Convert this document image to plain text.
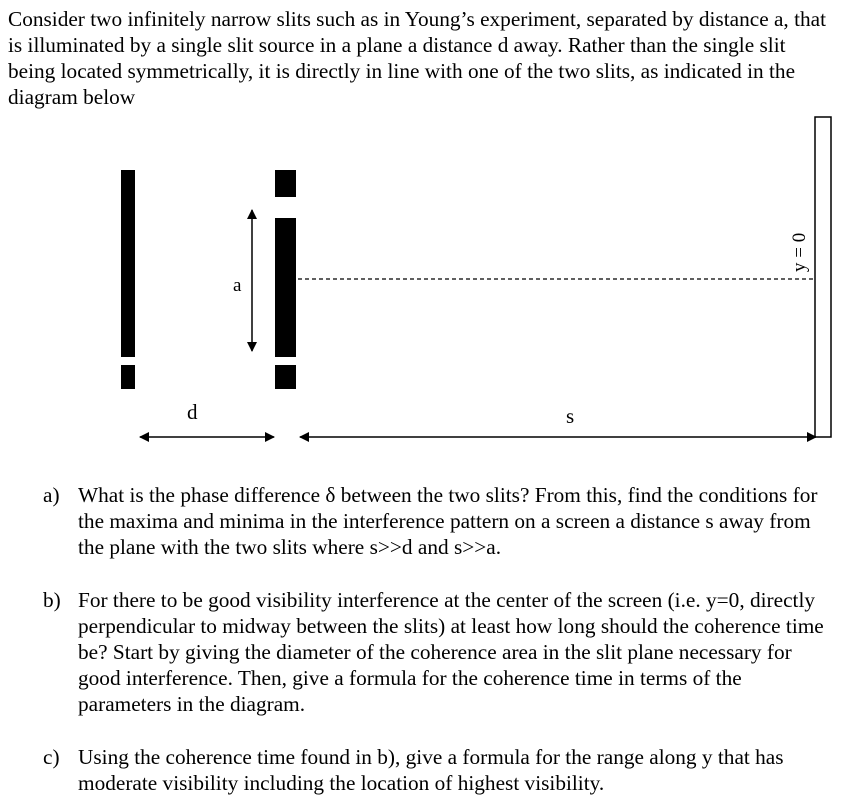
Consider two infinitely narrow slits such as in Young’s experiment, separated by distance a, that is illuminated by a single slit source in a plane a distance d away. Rather than the single slit being located symmetrically, it is directly in line with one of the two slits, as indicated in the diagram below
a
y = 0
d	s
a) What is the phase difference δ between the two slits? From this, find the conditions for the maxima and minima in the interference pattern on a screen a distance s away from the plane with the two slits where s>>d and s>>a.
b) For there to be good visibility interference at the center of the screen (i.e. y=0, directly perpendicular to midway between the slits) at least how long should the coherence time be? Start by giving the diameter of the coherence area in the slit plane necessary for good interference. Then, give a formula for the coherence time in terms of the parameters in the diagram.
c) Using the coherence time found in b), give a formula for the range along y that has moderate visibility including the location of highest visibility.
